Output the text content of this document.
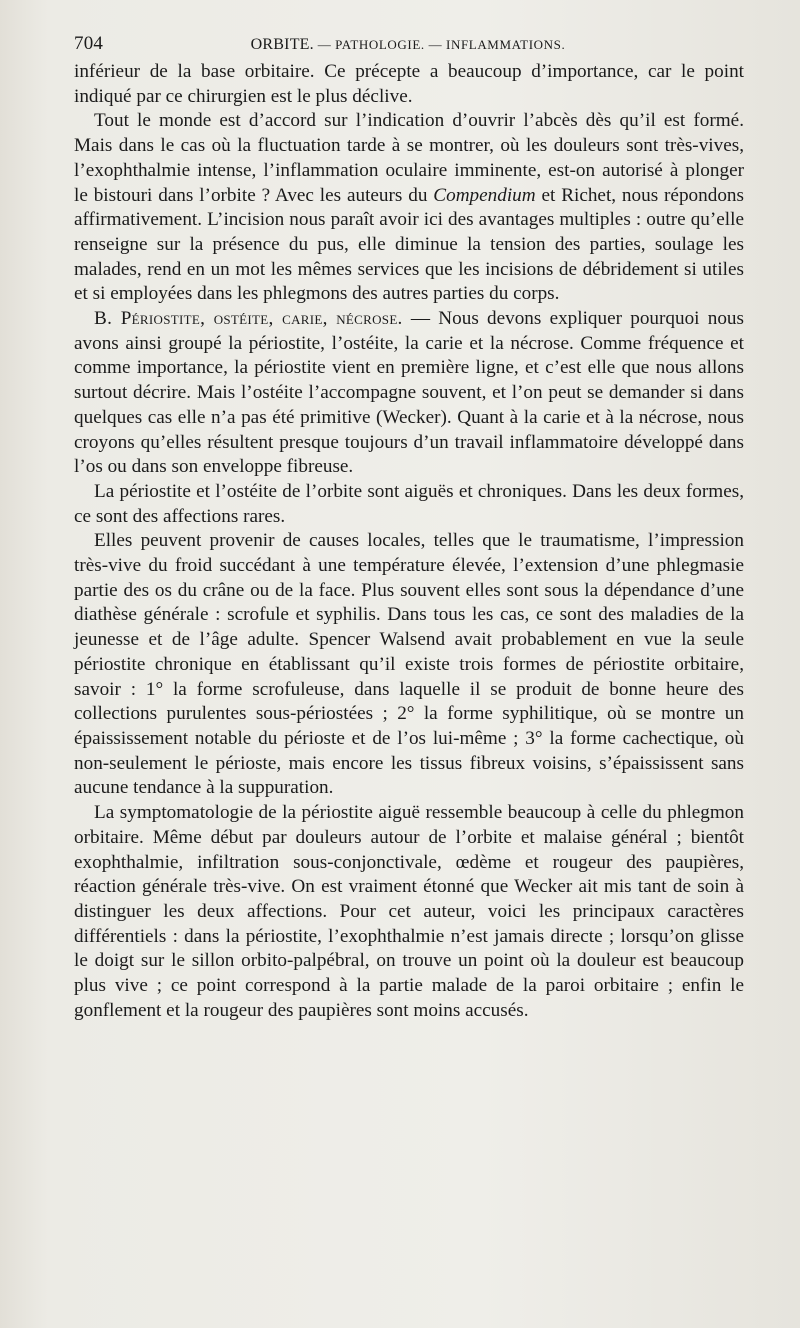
704	ORBITE. — PATHOLOGIE. — INFLAMMATIONS.

inférieur de la base orbitaire. Ce précepte a beaucoup d’importance, car le point indiqué par ce chirurgien est le plus déclive.

Tout le monde est d’accord sur l’indication d’ouvrir l’abcès dès qu’il est formé. Mais dans le cas où la fluctuation tarde à se montrer, où les douleurs sont très-vives, l’exophthalmie intense, l’inflammation oculaire imminente, est-on autorisé à plonger le bistouri dans l’orbite ? Avec les auteurs du Compendium et Richet, nous répondons affirmativement. L’incision nous paraît avoir ici des avantages multiples : outre qu’elle renseigne sur la présence du pus, elle diminue la tension des parties, soulage les malades, rend en un mot les mêmes services que les incisions de débridement si utiles et si employées dans les phlegmons des autres parties du corps.

B. Périostite, ostéite, carie, nécrose. — Nous devons expliquer pourquoi nous avons ainsi groupé la périostite, l’ostéite, la carie et la nécrose. Comme fréquence et comme importance, la périostite vient en première ligne, et c’est elle que nous allons surtout décrire. Mais l’ostéite l’accompagne souvent, et l’on peut se demander si dans quelques cas elle n’a pas été primitive (Wecker). Quant à la carie et à la nécrose, nous croyons qu’elles résultent presque toujours d’un travail inflammatoire développé dans l’os ou dans son enveloppe fibreuse.

La périostite et l’ostéite de l’orbite sont aiguës et chroniques. Dans les deux formes, ce sont des affections rares.

Elles peuvent provenir de causes locales, telles que le traumatisme, l’impression très-vive du froid succédant à une température élevée, l’extension d’une phlegmasie partie des os du crâne ou de la face. Plus souvent elles sont sous la dépendance d’une diathèse générale : scrofule et syphilis. Dans tous les cas, ce sont des maladies de la jeunesse et de l’âge adulte. Spencer Walsend avait probablement en vue la seule périostite chronique en établissant qu’il existe trois formes de périostite orbitaire, savoir : 1° la forme scrofuleuse, dans laquelle il se produit de bonne heure des collections purulentes sous-périostées ; 2° la forme syphilitique, où se montre un épaississement notable du périoste et de l’os lui-même ; 3° la forme cachectique, où non-seulement le périoste, mais encore les tissus fibreux voisins, s’épaississent sans aucune tendance à la suppuration.

La symptomatologie de la périostite aiguë ressemble beaucoup à celle du phlegmon orbitaire. Même début par douleurs autour de l’orbite et malaise général ; bientôt exophthalmie, infiltration sous-conjonctivale, œdème et rougeur des paupières, réaction générale très-vive. On est vraiment étonné que Wecker ait mis tant de soin à distinguer les deux affections. Pour cet auteur, voici les principaux caractères différentiels : dans la périostite, l’exophthalmie n’est jamais directe ; lorsqu’on glisse le doigt sur le sillon orbito-palpébral, on trouve un point où la douleur est beaucoup plus vive ; ce point correspond à la partie malade de la paroi orbitaire ; enfin le gonflement et la rougeur des paupières sont moins accusés.
